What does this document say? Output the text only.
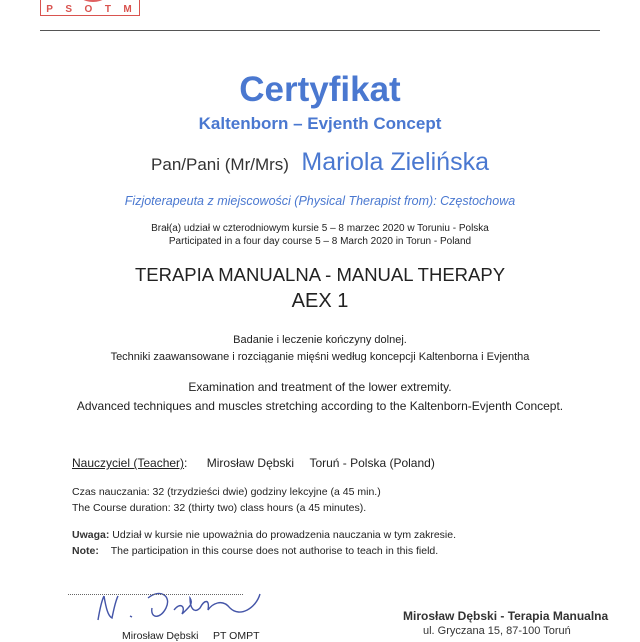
P S O T M
Certyfikat
Kaltenborn – Evjenth Concept
Pan/Pani (Mr/Mrs) Mariola Zielińska
Fizjoterapeuta z miejscowości (Physical Therapist from): Częstochowa
Brał(a) udział w czterodniowym kursie 5 – 8 marzec 2020 w Toruniu - Polska
Participated in a four day course 5 – 8 March 2020 in Torun - Poland
TERAPIA MANUALNA - MANUAL THERAPY
AEX 1
Badanie i leczenie kończyny dolnej.
Techniki zaawansowane i rozciąganie mięśni według koncepcji Kaltenborna i Evjentha
Examination and treatment of the lower extremity.
Advanced techniques and muscles stretching according to the Kaltenborn-Evjenth Concept.
Nauczyciel (Teacher): Mirosław Dębski Toruń - Polska (Poland)
Czas nauczania: 32 (trzydzieści dwie) godziny lekcyjne (a 45 min.)
The Course duration: 32 (thirty two) class hours (a 45 minutes).
Uwaga: Udział w kursie nie upoważnia do prowadzenia nauczania w tym zakresie.
Note: The participation in this course does not authorise to teach in this field.
Mirosław Dębski     PT OMPT
Mirosław Dębski - Terapia Manualna
ul. Gryczana 15, 87-100 Toruń
